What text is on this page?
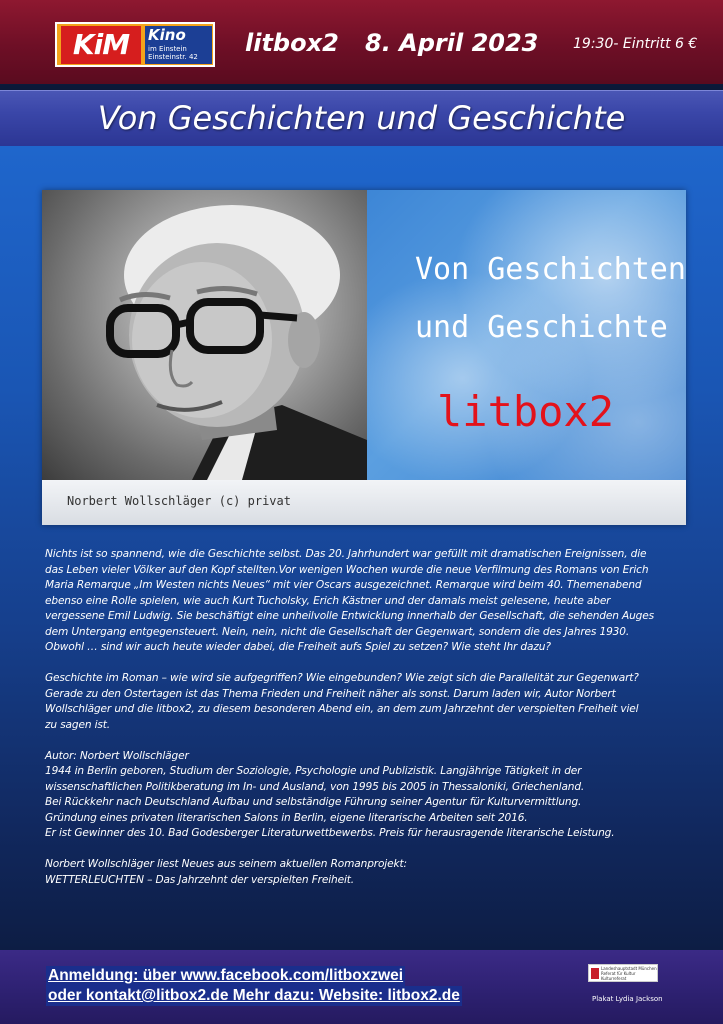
KiM	Kino
im Einstein
Einsteinstr. 42 litbox2 8. April 2023 19:30- Eintritt 6 €
Von Geschichten und Geschichte
Von Geschichten
und Geschichte
litbox2
Norbert Wollschläger (c) privat

Nichts ist so spannend, wie die Geschichte selbst. Das 20. Jahrhundert war gefüllt mit dramatischen Ereignissen, die
das Leben vieler Völker auf den Kopf stellten.Vor wenigen Wochen wurde die neue Verfilmung des Romans von Erich
Maria Remarque „Im Westen nichts Neues“ mit vier Oscars ausgezeichnet. Remarque wird beim 40. Themenabend
ebenso eine Rolle spielen, wie auch Kurt Tucholsky, Erich Kästner und der damals meist gelesene, heute aber
vergessene Emil Ludwig. Sie beschäftigt eine unheilvolle Entwicklung innerhalb der Gesellschaft, die sehenden Auges
dem Untergang entgegensteuert. Nein, nein, nicht die Gesellschaft der Gegenwart, sondern die des Jahres 1930.
Obwohl … sind wir auch heute wieder dabei, die Freiheit aufs Spiel zu setzen? Wie steht Ihr dazu?

Geschichte im Roman – wie wird sie aufgegriffen? Wie eingebunden? Wie zeigt sich die Parallelität zur Gegenwart?
Gerade zu den Ostertagen ist das Thema Frieden und Freiheit näher als sonst. Darum laden wir, Autor Norbert
Wollschläger und die litbox2, zu diesem besonderen Abend ein, an dem zum Jahrzehnt der verspielten Freiheit viel
zu sagen ist.

Autor: Norbert Wollschläger
1944 in Berlin geboren, Studium der Soziologie, Psychologie und Publizistik. Langjährige Tätigkeit in der
wissenschaftlichen Politikberatung im In- und Ausland, von 1995 bis 2005 in Thessaloniki, Griechenland.
Bei Rückkehr nach Deutschland Aufbau und selbständige Führung seiner Agentur für Kulturvermittlung.
Gründung eines privaten literarischen Salons in Berlin, eigene literarische Arbeiten seit 2016.
Er ist Gewinner des 10. Bad Godesberger Literaturwettbewerbs. Preis für herausragende literarische Leistung.

Norbert Wollschläger liest Neues aus seinem aktuellen Romanprojekt:
WETTERLEUCHTEN – Das Jahrzehnt der verspielten Freiheit.

Anmeldung: über www.facebook.com/litboxzwei
oder kontakt@litbox2.de Mehr dazu: Website: litbox2.de
Landeshauptstadt München Referat für Kultur Kulturreferat
Plakat Lydia Jackson
